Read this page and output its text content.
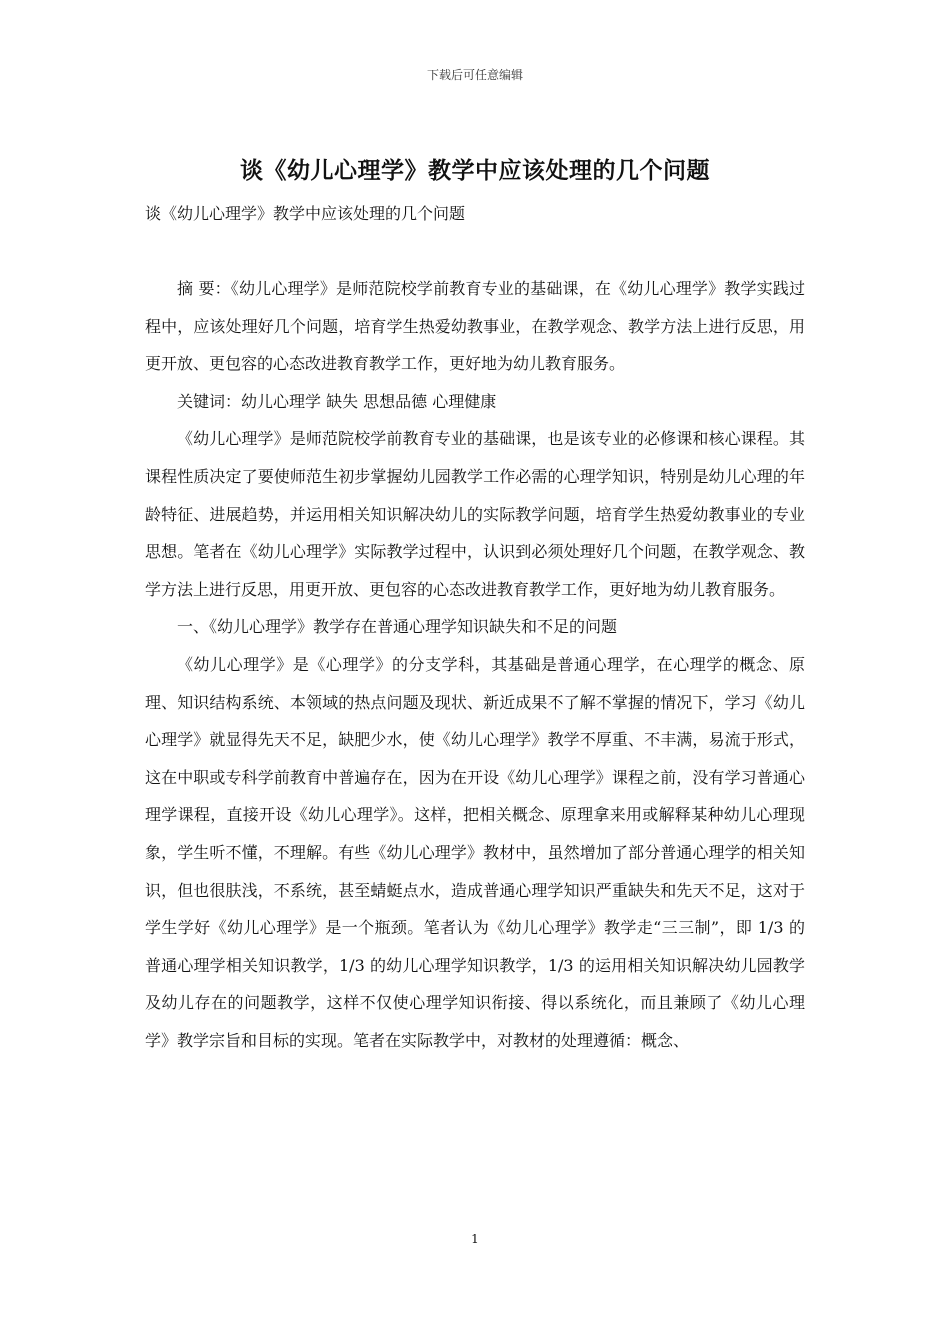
下载后可任意编辑
谈《幼儿心理学》教学中应该处理的几个问题
谈《幼儿心理学》教学中应该处理的几个问题

摘 要：《幼儿心理学》是师范院校学前教育专业的基础课，在《幼儿心理学》教学实践过程中，应该处理好几个问题，培育学生热爱幼教事业，在教学观念、教学方法上进行反思，用更开放、更包容的心态改进教育教学工作，更好地为幼儿教育服务。

关键词：幼儿心理学 缺失 思想品德 心理健康

《幼儿心理学》是师范院校学前教育专业的基础课，也是该专业的必修课和核心课程。其课程性质决定了要使师范生初步掌握幼儿园教学工作必需的心理学知识，特别是幼儿心理的年龄特征、进展趋势，并运用相关知识解决幼儿的实际教学问题，培育学生热爱幼教事业的专业思想。笔者在《幼儿心理学》实际教学过程中，认识到必须处理好几个问题，在教学观念、教学方法上进行反思，用更开放、更包容的心态改进教育教学工作，更好地为幼儿教育服务。

一、《幼儿心理学》教学存在普通心理学知识缺失和不足的问题

《幼儿心理学》是《心理学》的分支学科，其基础是普通心理学，在心理学的概念、原理、知识结构系统、本领域的热点问题及现状、新近成果不了解不掌握的情况下，学习《幼儿心理学》就显得先天不足，缺肥少水，使《幼儿心理学》教学不厚重、不丰满，易流于形式，这在中职或专科学前教育中普遍存在，因为在开设《幼儿心理学》课程之前，没有学习普通心理学课程，直接开设《幼儿心理学》。这样，把相关概念、原理拿来用或解释某种幼儿心理现象，学生听不懂，不理解。有些《幼儿心理学》教材中，虽然增加了部分普通心理学的相关知识，但也很肤浅，不系统，甚至蜻蜓点水，造成普通心理学知识严重缺失和先天不足，这对于学生学好《幼儿心理学》是一个瓶颈。笔者认为《幼儿心理学》教学走“三三制”，即 1/3 的普通心理学相关知识教学，1/3 的幼儿心理学知识教学，1/3 的运用相关知识解决幼儿园教学及幼儿存在的问题教学，这样不仅使心理学知识衔接、得以系统化，而且兼顾了《幼儿心理学》教学宗旨和目标的实现。笔者在实际教学中，对教材的处理遵循：概念、

1
